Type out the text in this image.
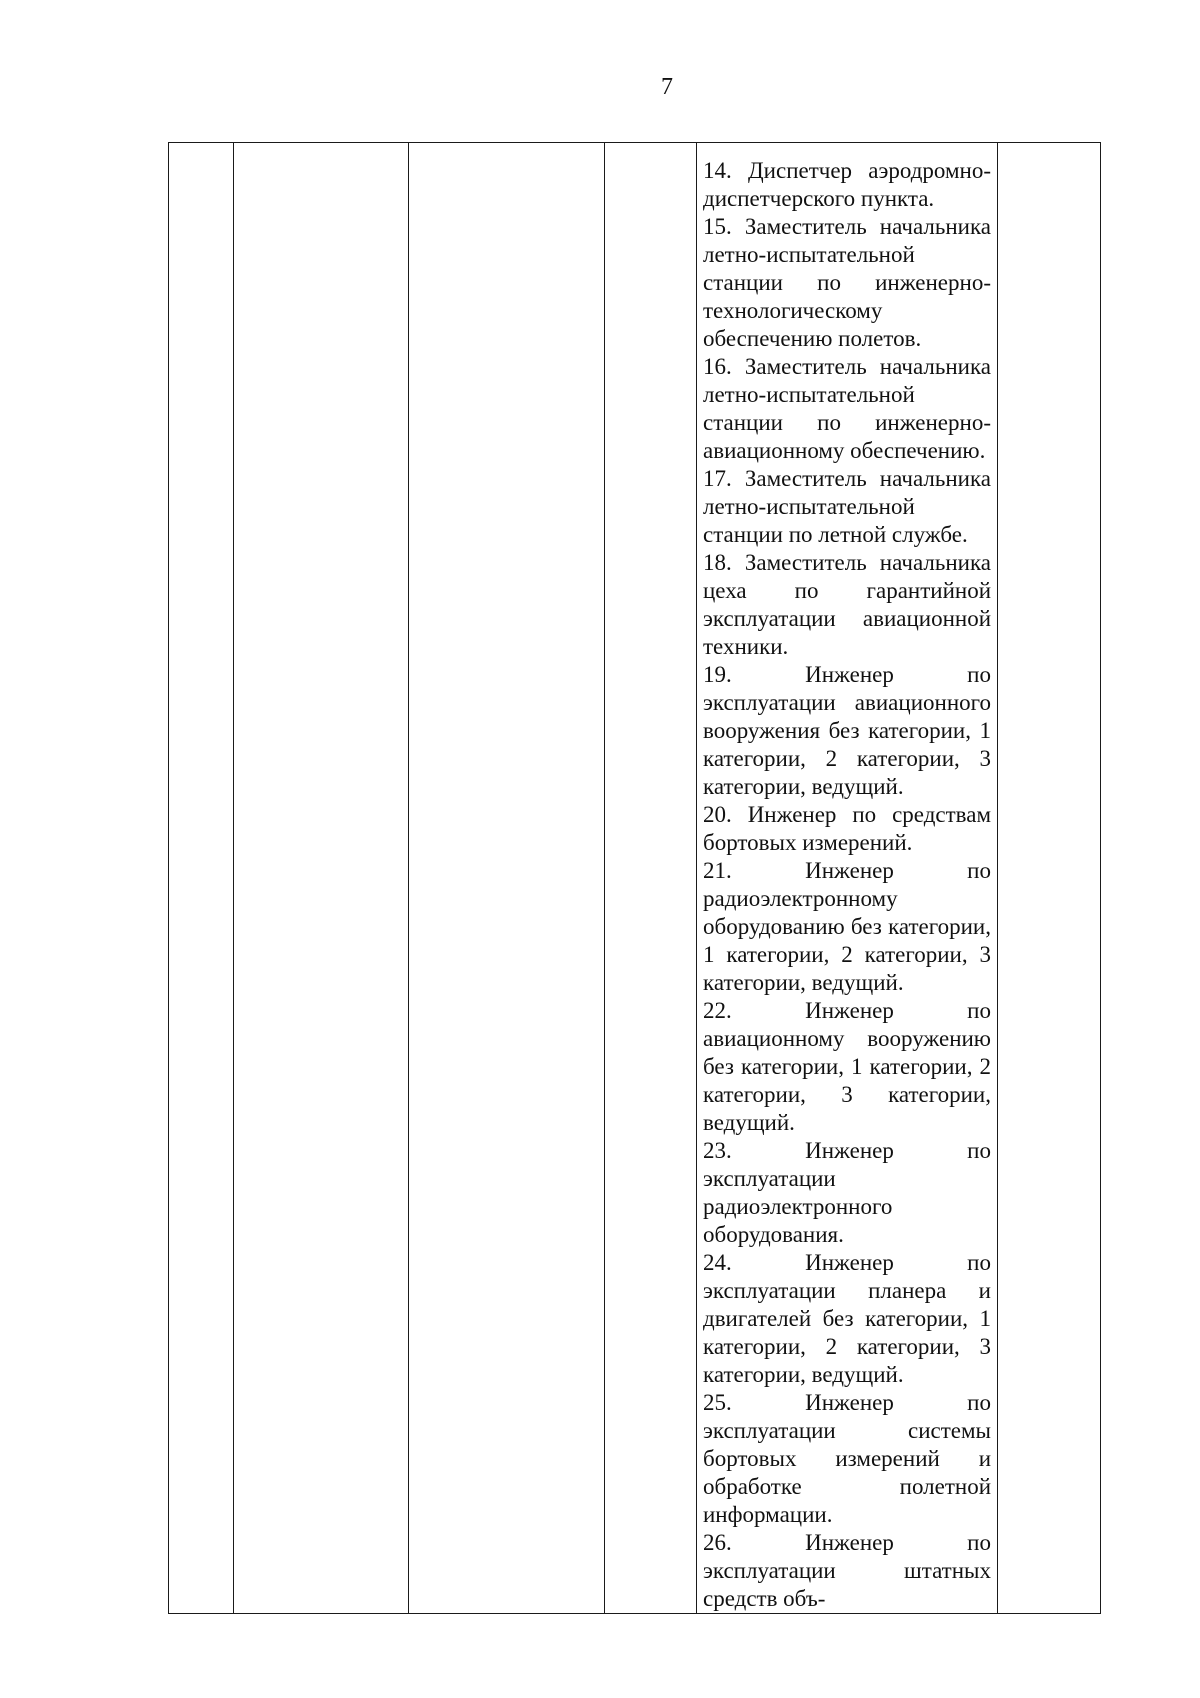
7

14. Диспетчер аэродромно-диспетчерского пункта.

15. Заместитель начальника летно-испытательной станции по инженерно-технологическому обеспечению полетов.

16. Заместитель начальника летно-испытательной станции по инженерно-авиационному обеспечению.

17. Заместитель начальника летно-испытательной станции по летной службе.

18. Заместитель начальника цеха по гарантийной эксплуатации авиационной техники.

19. Инженер по эксплуатации авиационного вооружения без категории, 1 категории, 2 категории, 3 категории, ведущий.

20. Инженер по средствам бортовых измерений.

21. Инженер по радиоэлектронному оборудованию без категории, 1 категории, 2 категории, 3 категории, ведущий.

22. Инженер по авиационному вооружению без категории, 1 категории, 2 категории, 3 категории, ведущий.

23. Инженер по эксплуатации радиоэлектронного оборудования.

24. Инженер по эксплуатации планера и двигателей без категории, 1 категории, 2 категории, 3 категории, ведущий.

25. Инженер по эксплуатации системы бортовых измерений и обработке полетной информации.

26. Инженер по эксплуатации штатных средств объ-
